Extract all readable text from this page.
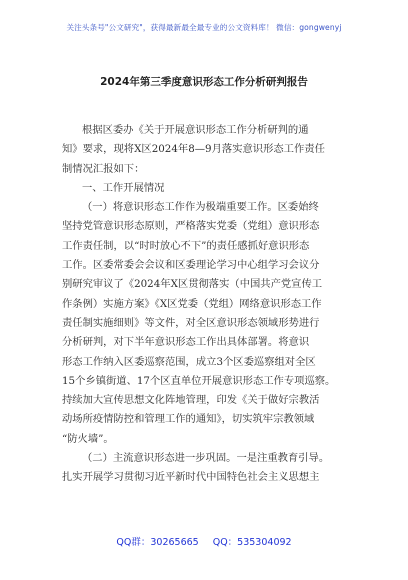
关注头条号"公文研究"，获得最新最全最专业的公文资料库！ 微信：gongwenyj
2024年第三季度意识形态工作分析研判报告
根据区委办《关于开展意识形态工作分析研判的通
知》要求，现将X区2024年8—9月落实意识形态工作责任
制情况汇报如下：
一、工作开展情况
（一）将意识形态工作作为极端重要工作。区委始终
坚持党管意识形态原则，严格落实党委（党组）意识形态
工作责任制，以“时时放心不下”的责任感抓好意识形态
工作。区委常委会会议和区委理论学习中心组学习会议分
别研究审议了《2024年X区贯彻落实（中国共产党宣传工
作条例）实施方案》《X区党委（党组）网络意识形态工作
责任制实施细则》等文件，对全区意识形态领域形势进行
分析研判，对下半年意识形态工作出具体部署。将意识
形态工作纳入区委巡察范围，成立3个区委巡察组对全区
15个乡镇街道、17个区直单位开展意识形态工作专项巡察。
持续加大宣传思想文化阵地管理，印发《关于做好宗教活
动场所疫情防控和管理工作的通知》，切实筑牢宗教领域
“防火墙”。
（二）主流意识形态进一步巩固。一是注重教育引导。
扎实开展学习贯彻习近平新时代中国特色社会主义思想主
QQ群：30265665 QQ：535304092
